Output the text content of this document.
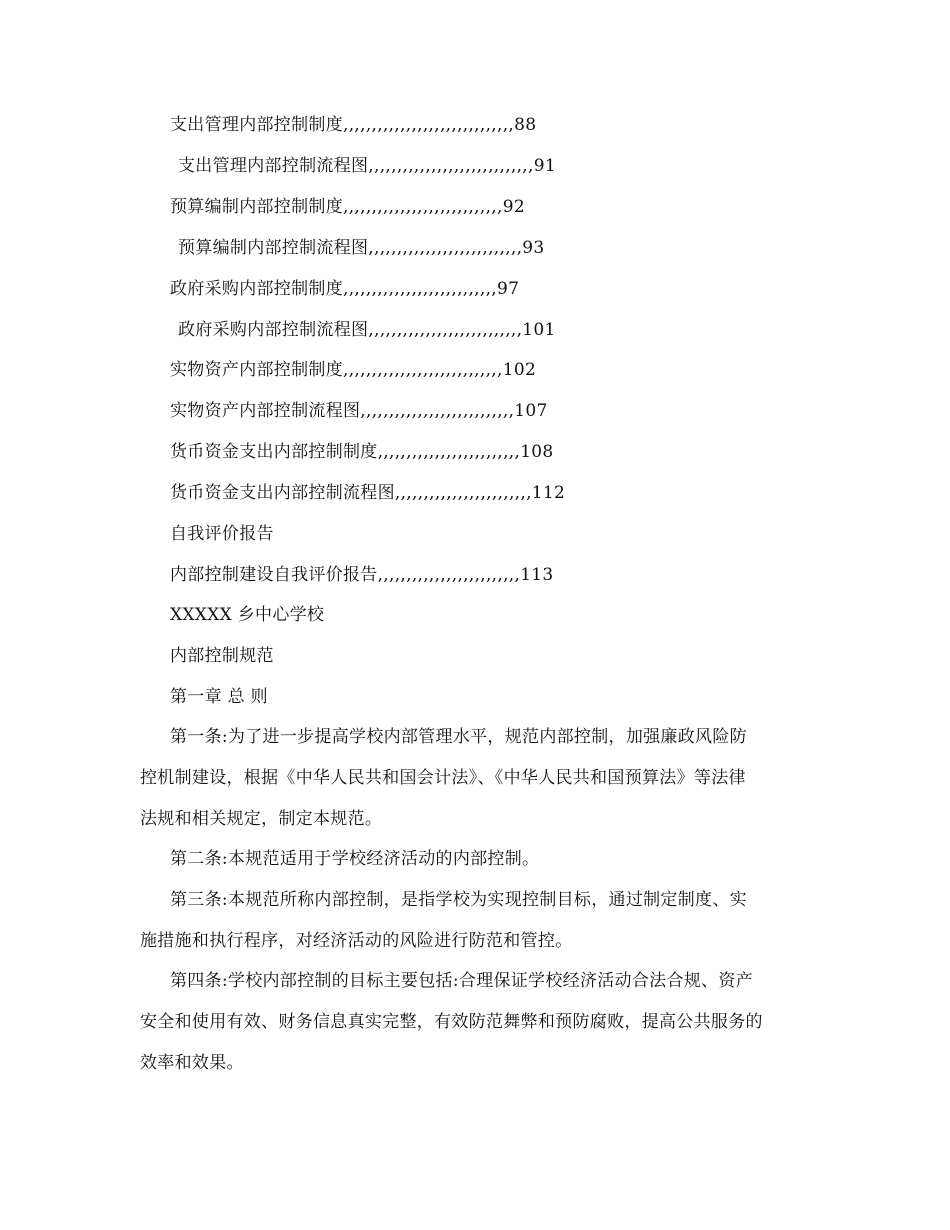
支出管理内部控制制度,,,,,,,,,,,,,,,,,,,,,,,,,,,,,,88
支出管理内部控制流程图,,,,,,,,,,,,,,,,,,,,,,,,,,,,,91
预算编制内部控制制度,,,,,,,,,,,,,,,,,,,,,,,,,,,,92
预算编制内部控制流程图,,,,,,,,,,,,,,,,,,,,,,,,,,,93
政府采购内部控制制度,,,,,,,,,,,,,,,,,,,,,,,,,,,97
政府采购内部控制流程图,,,,,,,,,,,,,,,,,,,,,,,,,,,101
实物资产内部控制制度,,,,,,,,,,,,,,,,,,,,,,,,,,,,102
实物资产内部控制流程图,,,,,,,,,,,,,,,,,,,,,,,,,,,107
货币资金支出内部控制制度,,,,,,,,,,,,,,,,,,,,,,,,,108
货币资金支出内部控制流程图,,,,,,,,,,,,,,,,,,,,,,,,112
自我评价报告
内部控制建设自我评价报告,,,,,,,,,,,,,,,,,,,,,,,,,113
XXXXX 乡中心学校
内部控制规范
第一章 总 则
第一条:为了进一步提高学校内部管理水平，规范内部控制，加强廉政风险防
控机制建设，根据《中华人民共和国会计法》、《中华人民共和国预算法》等法律
法规和相关规定，制定本规范。
第二条:本规范适用于学校经济活动的内部控制。
第三条:本规范所称内部控制，是指学校为实现控制目标，通过制定制度、实
施措施和执行程序，对经济活动的风险进行防范和管控。
第四条:学校内部控制的目标主要包括:合理保证学校经济活动合法合规、资产
安全和使用有效、财务信息真实完整，有效防范舞弊和预防腐败，提高公共服务的
效率和效果。
